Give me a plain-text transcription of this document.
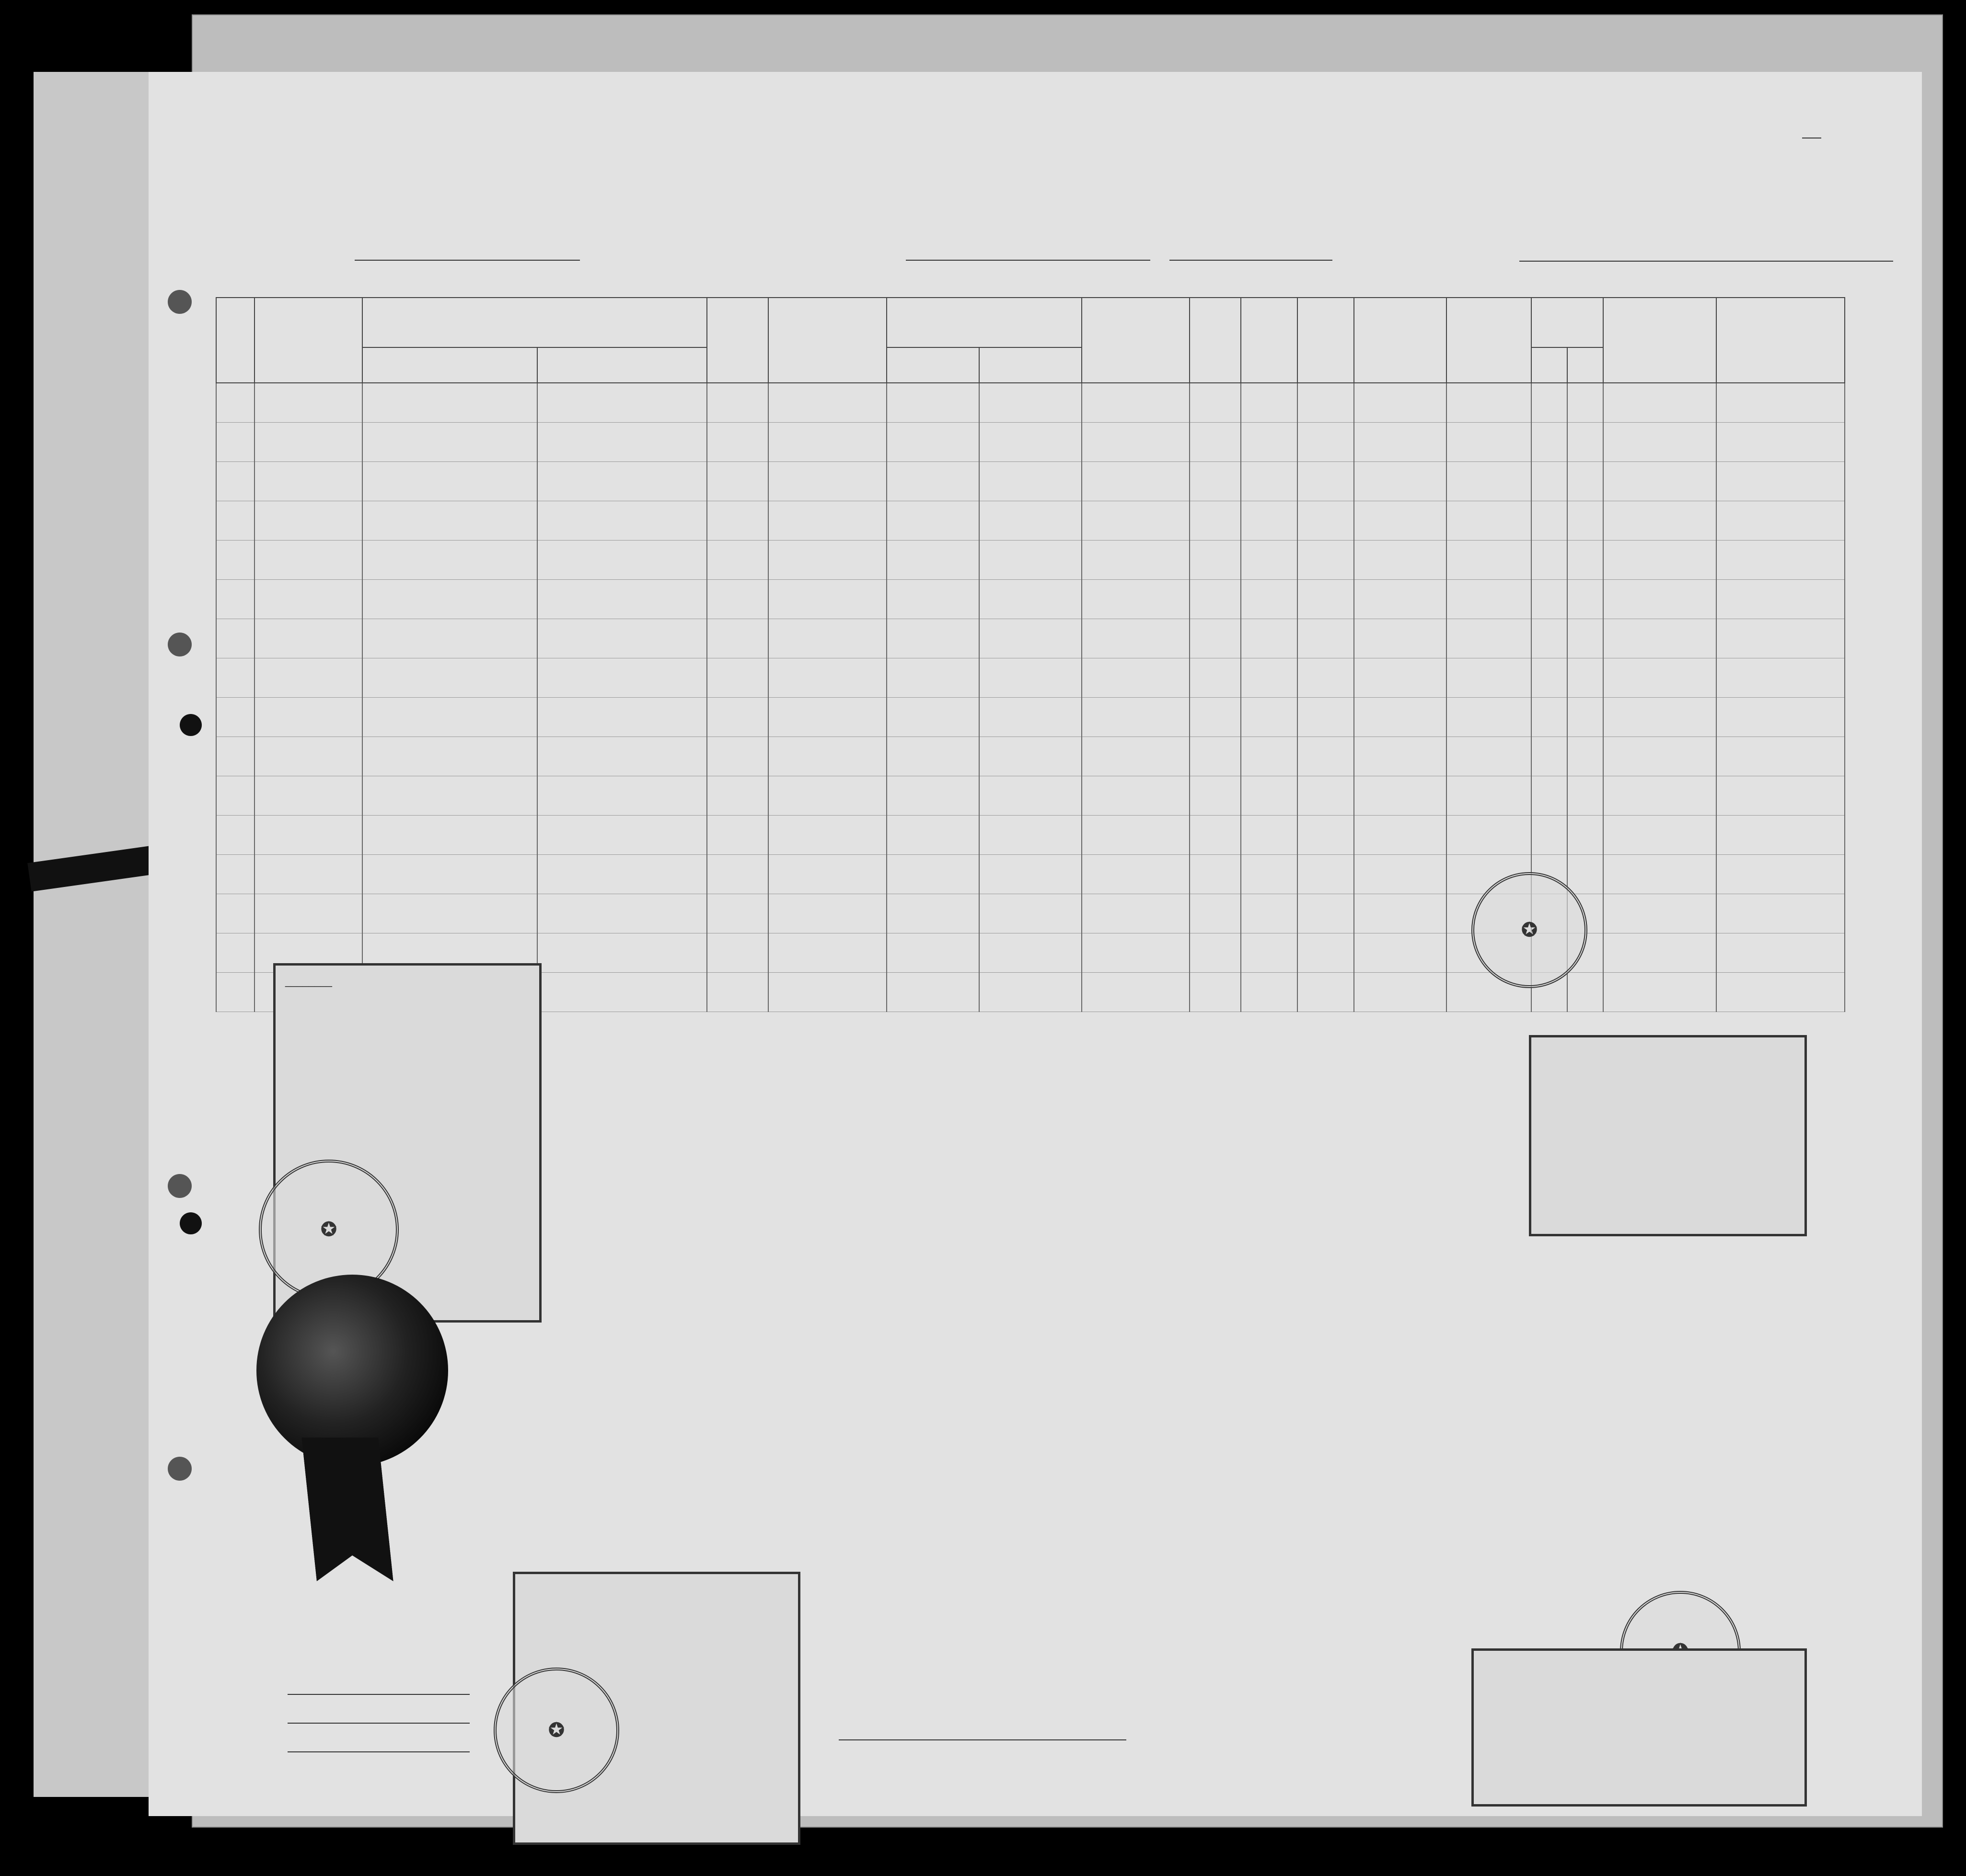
________
✪

✪
✪
